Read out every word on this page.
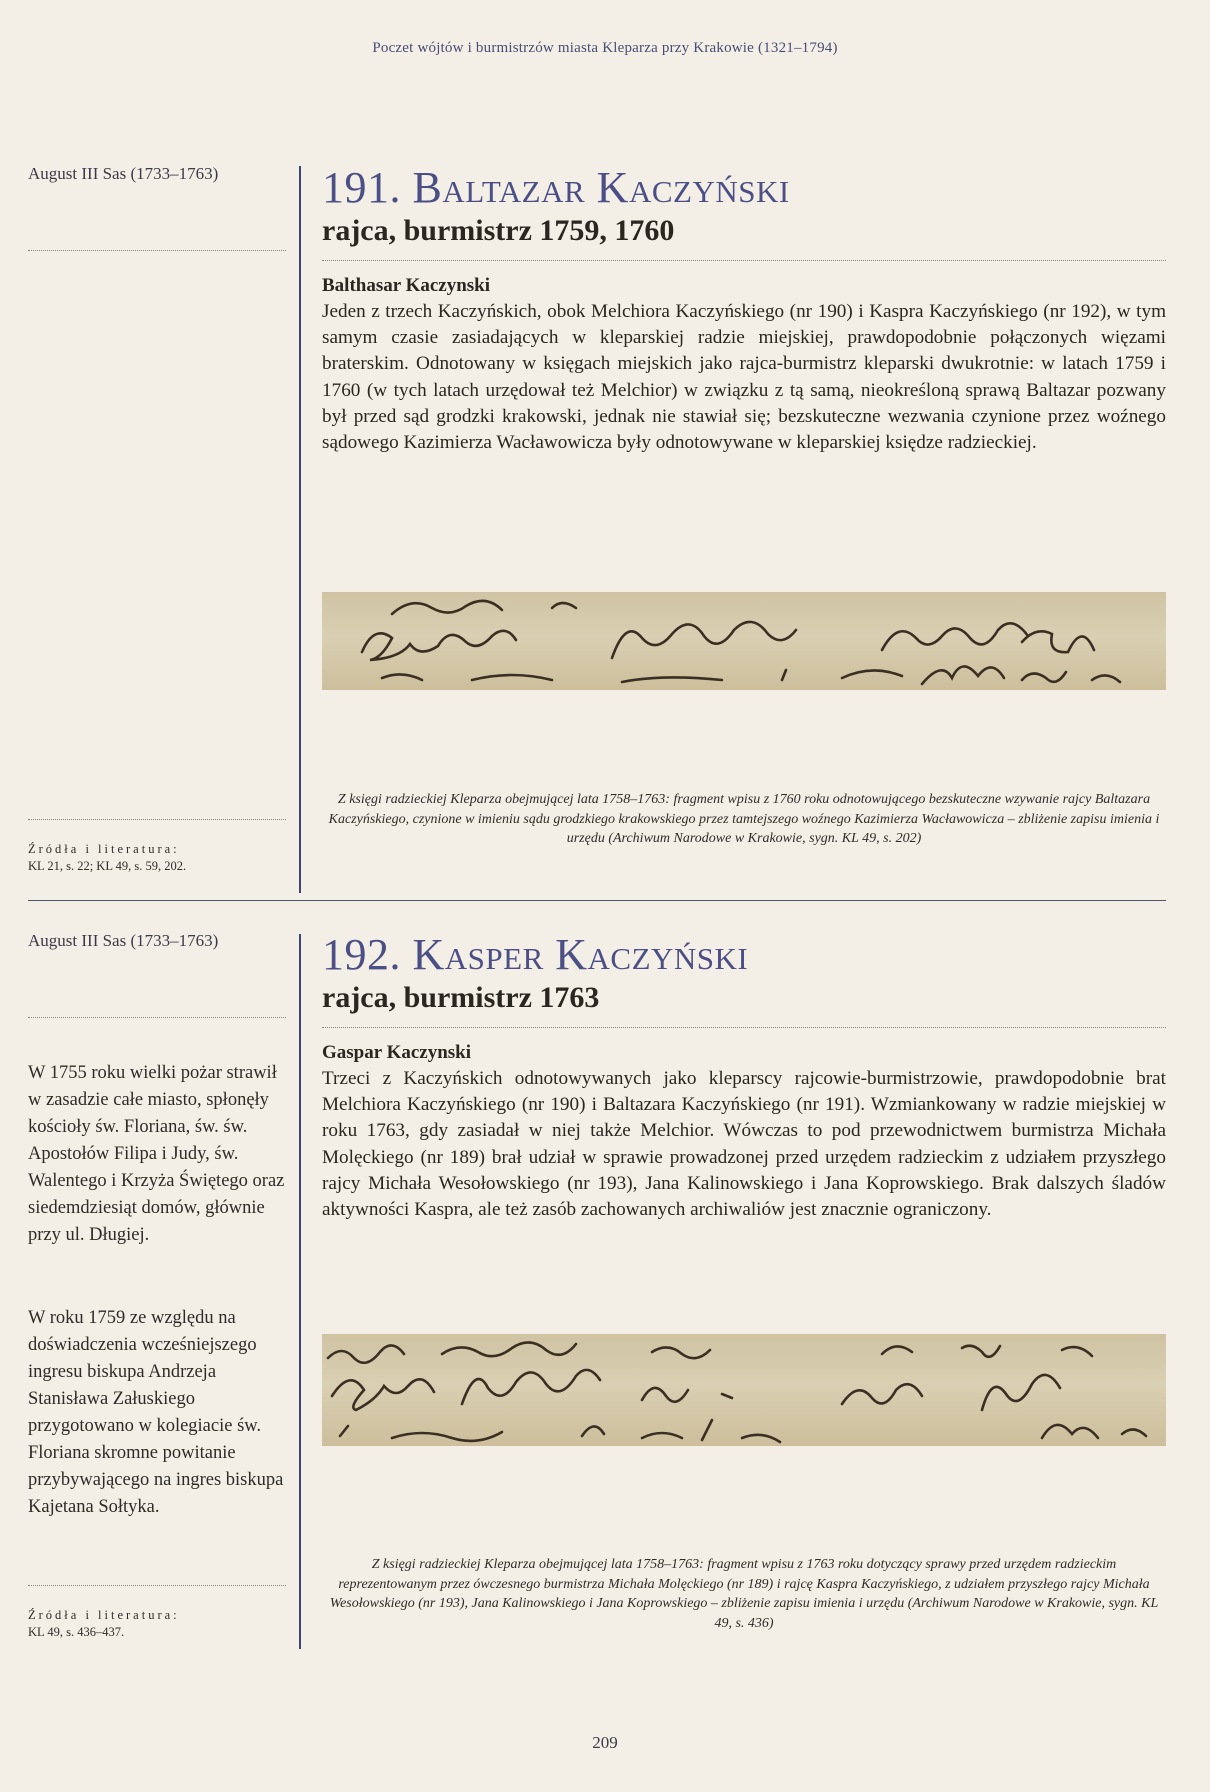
Poczet wójtów i burmistrzów miasta Kleparza przy Krakowie (1321–1794)
August III Sas (1733–1763)
Źródła i literatura:
KL 21, s. 22; KL 49, s. 59, 202.
191. Baltazar Kaczyński
rajca, burmistrz 1759, 1760
Balthasar Kaczynski

Jeden z trzech Kaczyńskich, obok Melchiora Kaczyńskiego (nr 190) i Kaspra Kaczyńskiego (nr 192), w tym samym czasie zasiadających w kleparskiej radzie miejskiej, prawdopodobnie połączonych więzami braterskim. Odnotowany w księgach miejskich jako rajca-burmistrz kleparski dwukrotnie: w latach 1759 i 1760 (w tych latach urzędował też Melchior) w związku z tą samą, nieokreśloną sprawą Baltazar pozwany był przed sąd grodzki krakowski, jednak nie stawiał się; bezskuteczne wezwania czynione przez woźnego sądowego Kazimierza Wacławowicza były odnotowywane w kleparskiej księdze radzieckiej.

Z księgi radzieckiej Kleparza obejmującej lata 1758–1763: fragment wpisu z 1760 roku odnotowującego bezskuteczne wzywanie rajcy Baltazara Kaczyńskiego, czynione w imieniu sądu grodzkiego krakowskiego przez tamtejszego woźnego Kazimierza Wacławowicza – zbliżenie zapisu imienia i urzędu (Archiwum Narodowe w Krakowie, sygn. KL 49, s. 202)
August III Sas (1733–1763)
W 1755 roku wielki pożar strawił w zasadzie całe miasto, spłonęły kościoły św. Floriana, św. św. Apostołów Filipa i Judy, św. Walentego i Krzyża Świętego oraz siedemdziesiąt domów, głównie przy ul. Długiej.
W roku 1759 ze względu na doświadczenia wcześniejszego ingresu biskupa Andrzeja Stanisława Załuskiego przygotowano w kolegiacie św. Floriana skromne powitanie przybywającego na ingres biskupa Kajetana Sołtyka.
Źródła i literatura:
KL 49, s. 436–437.
192. Kasper Kaczyński
rajca, burmistrz 1763
Gaspar Kaczynski

Trzeci z Kaczyńskich odnotowywanych jako kleparscy rajcowie-burmistrzowie, prawdopodobnie brat Melchiora Kaczyńskiego (nr 190) i Baltazara Kaczyńskiego (nr 191). Wzmiankowany w radzie miejskiej w roku 1763, gdy zasiadał w niej także Melchior. Wówczas to pod przewodnictwem burmistrza Michała Molęckiego (nr 189) brał udział w sprawie prowadzonej przed urzędem radzieckim z udziałem przyszłego rajcy Michała Wesołowskiego (nr 193), Jana Kalinowskiego i Jana Koprowskiego. Brak dalszych śladów aktywności Kaspra, ale też zasób zachowanych archiwaliów jest znacznie ograniczony.

Z księgi radzieckiej Kleparza obejmującej lata 1758–1763: fragment wpisu z 1763 roku dotyczący sprawy przed urzędem radzieckim reprezentowanym przez ówczesnego burmistrza Michała Molęckiego (nr 189) i rajcę Kaspra Kaczyńskiego, z udziałem przyszłego rajcy Michała Wesołowskiego (nr 193), Jana Kalinowskiego i Jana Koprowskiego – zbliżenie zapisu imienia i urzędu (Archiwum Narodowe w Krakowie, sygn. KL 49, s. 436)
209
